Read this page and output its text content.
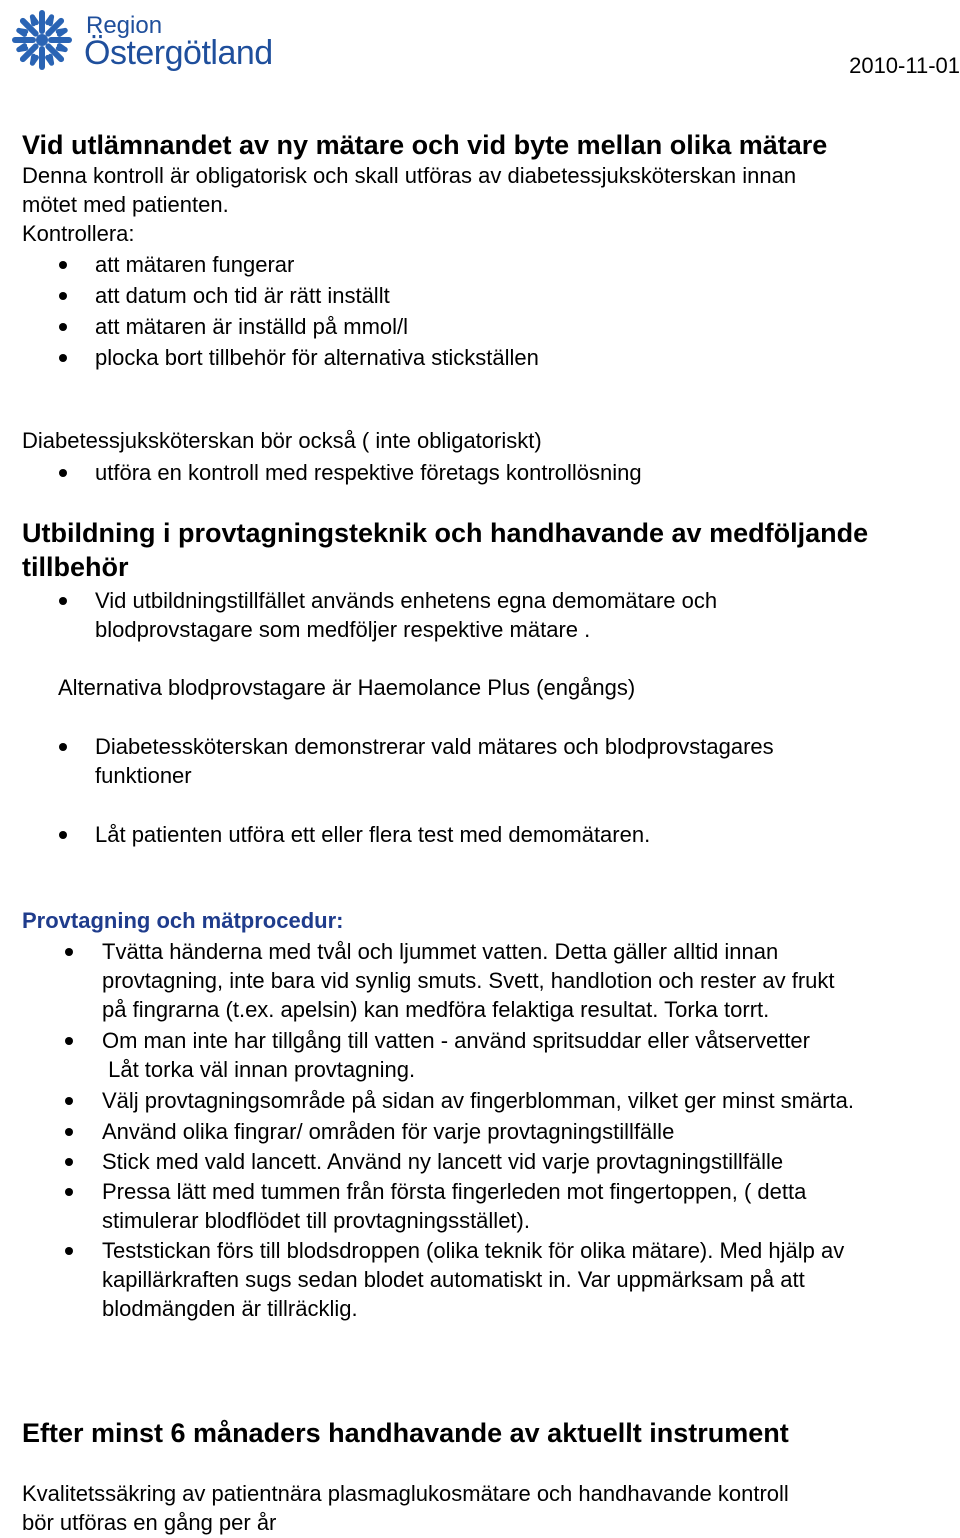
Region
Östergötland	2010-11-01
Vid utlämnandet av ny mätare och vid byte mellan olika mätare
Denna kontroll är obligatorisk och skall utföras av diabetessjuksköterskan innan
mötet med patienten.
Kontrollera:
att mätaren fungerar
att datum och tid är rätt inställt
att mätaren är inställd på mmol/l
plocka bort tillbehör för alternativa stickställen
Diabetessjuksköterskan bör också ( inte obligatoriskt)
utföra en kontroll med respektive företags kontrollösning
Utbildning i provtagningsteknik och handhavande av medföljande
tillbehör
Vid utbildningstillfället används enhetens egna demomätare och
blodprovstagare som medföljer respektive mätare .
Alternativa blodprovstagare är Haemolance Plus (engångs)
Diabetessköterskan demonstrerar vald mätares och blodprovstagares
funktioner
Låt patienten utföra ett eller flera test med demomätaren.
Provtagning och mätprocedur:
Tvätta händerna med tvål och ljummet vatten. Detta gäller alltid innan
provtagning, inte bara vid synlig smuts. Svett, handlotion och rester av frukt
på fingrarna (t.ex. apelsin) kan medföra felaktiga resultat. Torka torrt.
Om man inte har tillgång till vatten - använd spritsuddar eller våtservetter
Låt torka väl innan provtagning.
Välj provtagningsområde på sidan av fingerblomman, vilket ger minst smärta.
Använd olika fingrar/ områden för varje provtagningstillfälle
Stick med vald lancett. Använd ny lancett vid varje provtagningstillfälle
Pressa lätt med tummen från första fingerleden mot fingertoppen, ( detta
stimulerar blodflödet till provtagningsstället).
Teststickan förs till blodsdroppen (olika teknik för olika mätare). Med hjälp av
kapillärkraften sugs sedan blodet automatiskt in. Var uppmärksam på att
blodmängden är tillräcklig.
Efter minst 6 månaders handhavande av aktuellt instrument
Kvalitetssäkring av patientnära plasmaglukosmätare och handhavande kontroll
bör utföras en gång per år
